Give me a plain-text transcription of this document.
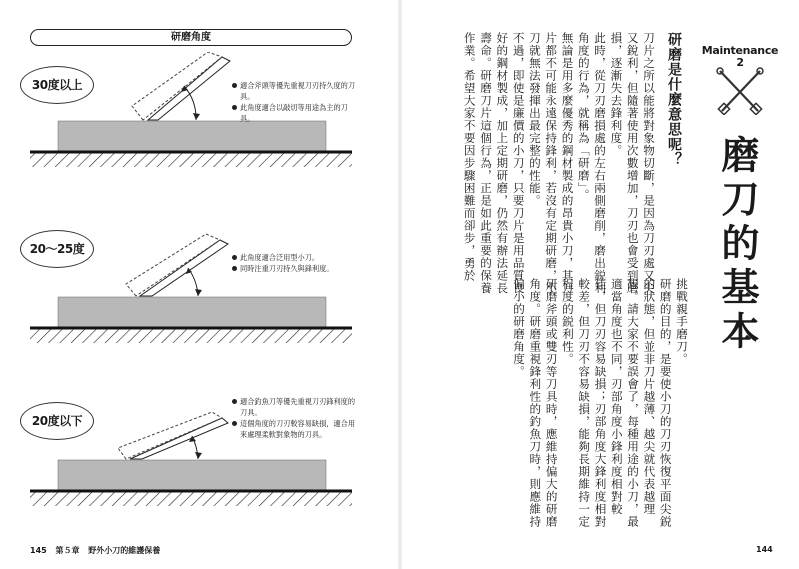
研磨角度
30度以上	適合斧頭等優先重視刀刃持久度的刀具。
此角度適合以敲切等用途為主的刀具。
20〜25度
此角度適合泛用型小刀。
同時注重刀刃持久與鋒利度。
20度以下
適合釣魚刀等優先重視刀刃鋒利度的刀具。
這個角度的刀刃較容易缺損，適合用來處理柔軟對象物的刀具。
145 第５章 野外小刀的維護保養
Maintenance
2
磨刀的基本
研磨是什麼意思呢？
刀片之所以能將對象物切斷，是因為刀刃處又尖又銳利，但隨著使用次數增加，刀刃也會受到磨損，逐漸失去鋒利度。
此時，從刀刃磨損處的左右兩側磨削，磨出鋭利角度的行為，就稱為「研磨」。
無論是用多麼優秀的鋼材製成的昂貴小刀，其刀片都不可能永遠保持鋒利，若沒有定期研磨，小刀就無法發揮出最完整的性能。
不過，即使是廉價的小刀，只要刀片是用品質良好的鋼材製成，加上定期研磨，仍然有辦法延長壽命。研磨刀片這個行為，正是如此重要的保養作業。希望大家不要因步驟困難而卻步，勇於
挑戰親手磨刀。
研磨的目的，是要使小刀的刀刃恢復平面尖鋭的狀態，但並非刀片越薄、越尖就代表越理想。請大家不要誤會了，每種用途的小刀，最適當角度也不同，刃部角度小鋒利度相對較佳，但刀刃容易缺損；刃部角度大鋒利度相對較差，但刀刃不容易缺損，能夠長期維持一定程度的鋭利性。
研磨斧頭或雙刃等刀具時，應維持偏大的研磨角度。研磨重視鋒利性的釣魚刀時，則應維持偏小的研磨角度。
144
